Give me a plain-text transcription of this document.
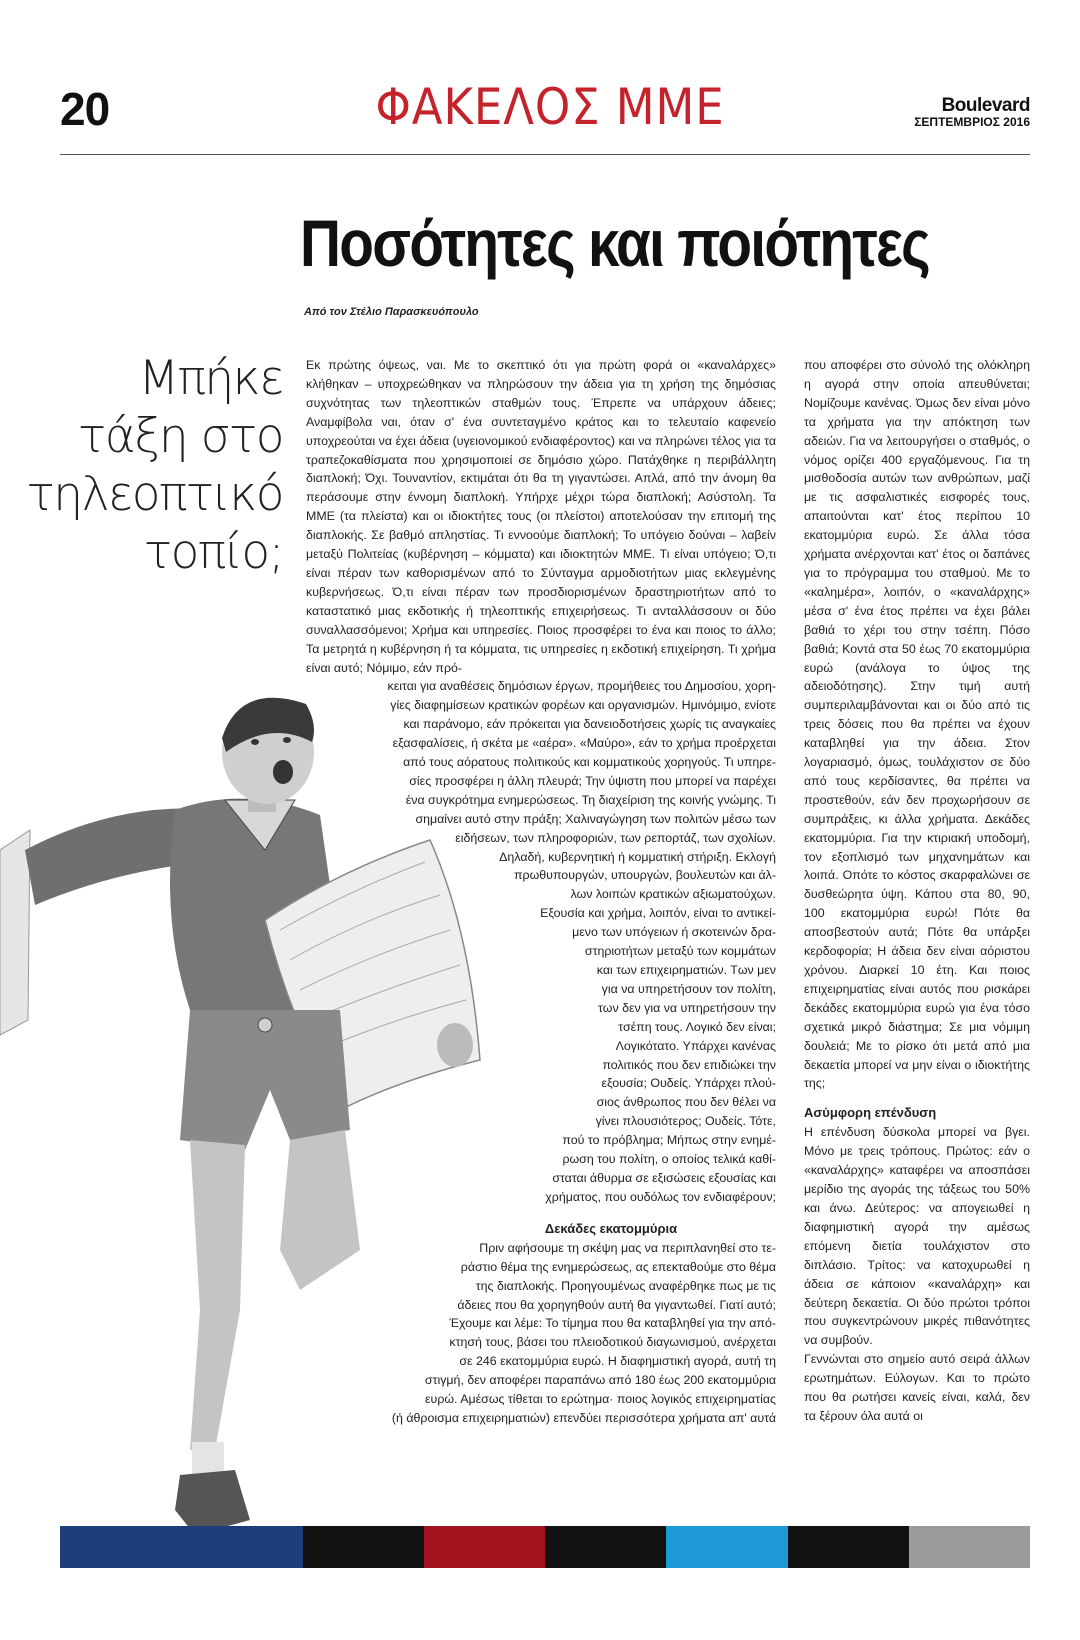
20	ΦΑΚΕΛΟΣ ΜΜΕ	Boulevard
ΣΕΠΤΕΜΒΡΙΟΣ 2016
Ποσότητες και ποιότητες
Από τον Στέλιο Παρασκευόπουλο
Μπήκε
τάξη στο
τηλεοπτικό
τοπίο;

Εκ πρώτης όψεως, ναι. Με το σκεπτικό ότι για πρώτη φορά οι «καναλάρχες» κλήθηκαν – υποχρεώθηκαν να πληρώσουν την άδεια για τη χρήση της δημόσιας συχνότητας των τηλεοπτικών σταθμών τους. Έπρεπε να υπάρχουν άδειες; Αναμφίβολα ναι, όταν σ' ένα συντεταγμένο κράτος και το τελευταίο καφενείο υποχρεούται να έχει άδεια (υγειονομικού ενδιαφέροντος) και να πληρώνει τέλος για τα τραπεζοκαθίσματα που χρησιμοποιεί σε δημόσιο χώρο. Πατάχθηκε η περιβάλλητη διαπλοκή; Όχι. Τουναντίον, εκτιμάται ότι θα τη γιγαντώσει. Απλά, από την άνομη θα περάσουμε στην έννομη διαπλοκή. Υπήρχε μέχρι τώρα διαπλοκή; Ασύστολη. Τα ΜΜΕ (τα πλείστα) και οι ιδιοκτήτες τους (οι πλείστοι) αποτελούσαν την επιτομή της διαπλοκής. Σε βαθμό απληστίας. Τι εννοούμε διαπλοκή; Το υπόγειο δούναι – λαβείν μεταξύ Πολιτείας (κυβέρνηση – κόμματα) και ιδιοκτητών ΜΜΕ. Τι είναι υπόγειο; Ό,τι είναι πέραν των καθορισμένων από το Σύνταγμα αρμοδιοτήτων μιας εκλεγμένης κυβερνήσεως. Ό,τι είναι πέραν των προσδιορισμένων δραστηριοτήτων από το καταστατικό μιας εκδοτικής ή τηλεοπτικής επιχειρήσεως. Τι ανταλλάσσουν οι δύο συναλλασσόμενοι; Χρήμα και υπηρεσίες. Ποιος προσφέρει το ένα και ποιος το άλλο; Τα μετρητά η κυβέρνηση ή τα κόμματα, τις υπηρεσίες η εκδοτική επιχείρηση. Τι χρήμα είναι αυτό; Νόμιμο, εάν πρό-

κειται για αναθέσεις δημόσιων έργων, προμήθειες του Δημοσίου, χορη-
γίες διαφημίσεων κρατικών φορέων και οργανισμών. Ημινόμιμο, ενίοτε
και παράνομο, εάν πρόκειται για δανειοδοτήσεις χωρίς τις αναγκαίες
εξασφαλίσεις, ή σκέτα με «αέρα». «Μαύρο», εάν το χρήμα προέρχεται
από τους αόρατους πολιτικούς και κομματικούς χορηγούς. Τι υπηρε-
σίες προσφέρει η άλλη πλευρά; Την ύψιστη που μπορεί να παρέχει
ένα συγκρότημα ενημερώσεως. Τη διαχείριση της κοινής γνώμης. Τι
σημαίνει αυτό στην πράξη; Χαλιναγώγηση των πολιτών μέσω των
ειδήσεων, των πληροφοριών, των ρεπορτάζ, των σχολίων.
Δηλαδή, κυβερνητική ή κομματική στήριξη. Εκλογή
πρωθυπουργών, υπουργών, βουλευτών και άλ-
λων λοιπών κρατικών αξιωματούχων.
Εξουσία και χρήμα, λοιπόν, είναι το αντικεί-
μενο των υπόγειων ή σκοτεινών δρα-
στηριοτήτων μεταξύ των κομμάτων
και των επιχειρηματιών. Των μεν
για να υπηρετήσουν τον πολίτη,
των δεν για να υπηρετήσουν την
τσέπη τους. Λογικό δεν είναι;
Λογικότατο. Υπάρχει κανένας
πολιτικός που δεν επιδιώκει την
εξουσία; Ουδείς. Υπάρχει πλού-
σιος άνθρωπος που δεν θέλει να
γίνει πλουσιότερος; Ουδείς. Τότε,
πού το πρόβλημα; Μήπως στην ενημέ-
ρωση του πολίτη, ο οποίος τελικά καθί-
σταται άθυρμα σε εξισώσεις εξουσίας και
χρήματος, που ουδόλως τον ενδιαφέρουν;
Δεκάδες εκατομμύρια
Πριν αφήσουμε τη σκέψη μας να περιπλανηθεί στο τε-
ράστιο θέμα της ενημερώσεως, ας επεκταθούμε στο θέμα
της διαπλοκής. Προηγουμένως αναφέρθηκε πως με τις
άδειες που θα χορηγηθούν αυτή θα γιγαντωθεί. Γιατί αυτό;
Έχουμε και λέμε: Το τίμημα που θα καταβληθεί για την από-
κτησή τους, βάσει του πλειοδοτικού διαγωνισμού, ανέρχεται
σε 246 εκατομμύρια ευρώ. Η διαφημιστική αγορά, αυτή τη
στιγμή, δεν αποφέρει παραπάνω από 180 έως 200 εκατομμύρια
ευρώ. Αμέσως τίθεται το ερώτημα· ποιος λογικός επιχειρηματίας
(ή άθροισμα επιχειρηματιών) επενδύει περισσότερα χρήματα απ' αυτά

που αποφέρει στο σύνολό της ολόκληρη η αγορά στην οποία απευθύνεται; Νομίζουμε κανένας. Όμως δεν είναι μόνο τα χρήματα για την απόκτηση των αδειών. Για να λειτουργήσει ο σταθμός, ο νόμος ορίζει 400 εργαζόμενους. Για τη μισθοδοσία αυτών των ανθρώπων, μαζί με τις ασφαλιστικές εισφορές τους, απαιτούνται κατ' έτος περίπου 10 εκατομμύρια ευρώ. Σε άλλα τόσα χρήματα ανέρχονται κατ' έτος οι δαπάνες για το πρόγραμμα του σταθμού. Με το «καλημέρα», λοιπόν, ο «καναλάρχης» μέσα σ' ένα έτος πρέπει να έχει βάλει βαθιά το χέρι του στην τσέπη. Πόσο βαθιά; Κοντά στα 50 έως 70 εκατομμύρια ευρώ (ανάλογα το ύψος της αδειοδότησης). Στην τιμή αυτή συμπεριλαμβάνονται και οι δύο από τις τρεις δόσεις που θα πρέπει να έχουν καταβληθεί για την άδεια. Στον λογαριασμό, όμως, τουλάχιστον σε δύο από τους κερδίσαντες, θα πρέπει να προστεθούν, εάν δεν προχωρήσουν σε συμπράξεις, κι άλλα χρήματα. Δεκάδες εκατομμύρια. Για την κτιριακή υποδομή, τον εξοπλισμό των μηχανημάτων και λοιπά. Οπότε το κόστος σκαρφαλώνει σε δυσθεώρητα ύψη. Κάπου στα 80, 90, 100 εκατομμύρια ευρώ! Πότε θα αποσβεστούν αυτά; Πότε θα υπάρξει κερδοφορία; Η άδεια δεν είναι αόριστου χρόνου. Διαρκεί 10 έτη. Και ποιος επιχειρηματίας είναι αυτός που ρισκάρει δεκάδες εκατομμύρια ευρώ για ένα τόσο σχετικά μικρό διάστημα; Σε μια νόμιμη δουλειά; Με το ρίσκο ότι μετά από μια δεκαετία μπορεί να μην είναι ο ιδιοκτήτης της;

Ασύμφορη επένδυση

Η επένδυση δύσκολα μπορεί να βγει. Μόνο με τρεις τρόπους. Πρώτος: εάν ο «καναλάρχης» καταφέρει να αποσπάσει μερίδιο της αγοράς της τάξεως του 50% και άνω. Δεύτερος: να απογειωθεί η διαφημιστική αγορά την αμέσως επόμενη διετία τουλάχιστον στο διπλάσιο. Τρίτος: να κατοχυρωθεί η άδεια σε κάποιον «καναλάρχη» και δεύτερη δεκαετία. Οι δύο πρώτοι τρόποι που συγκεντρώνουν μικρές πιθανότητες να συμβούν.

Γεννώνται στο σημείο αυτό σειρά άλλων ερωτημάτων. Εύλογων. Και το πρώτο που θα ρωτήσει κανείς είναι, καλά, δεν τα ξέρουν όλα αυτά οι
